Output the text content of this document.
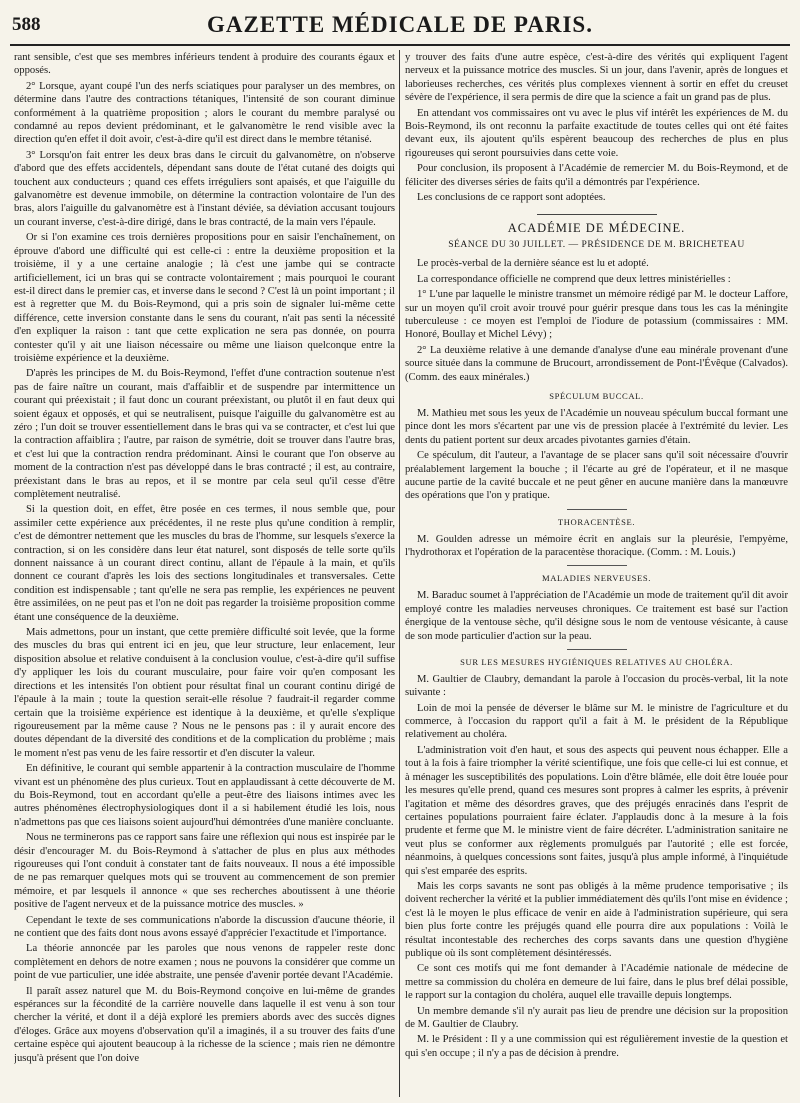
588	GAZETTE MÉDICALE DE PARIS.

rant sensible, c'est que ses membres inférieurs tendent à produire des courants égaux et opposés.

2° Lorsque, ayant coupé l'un des nerfs sciatiques pour paralyser un des membres, on détermine dans l'autre des contractions tétaniques, l'intensité de son courant diminue conformément à la quatrième proposition ; alors le courant du membre paralysé ou condamné au repos devient prédominant, et le galvanomètre le rend visible avec la direction qu'en effet il doit avoir, c'est-à-dire qu'il est direct dans le membre tétanisé.

3° Lorsqu'on fait entrer les deux bras dans le circuit du galvanomètre, on n'observe d'abord que des effets accidentels, dépendant sans doute de l'état cutané des doigts qui touchent aux conducteurs ; quand ces effets irréguliers sont apaisés, et que l'aiguille du galvanomètre est devenue immobile, on détermine la contraction volontaire de l'un des bras, alors l'aiguille du galvanomètre est à l'instant déviée, sa déviation accusant toujours un courant inverse, c'est-à-dire dirigé, dans le bras contracté, de la main vers l'épaule.

Or si l'on examine ces trois dernières propositions pour en saisir l'enchaînement, on éprouve d'abord une difficulté qui est celle-ci : entre la deuxième proposition et la troisième, il y a une certaine analogie ; là c'est une jambe qui se contracte artificiellement, ici un bras qui se contracte volontairement ; mais pourquoi le courant est-il direct dans le premier cas, et inverse dans le second ? C'est là un point important ; il est à regretter que M. du Bois-Reymond, qui a pris soin de signaler lui-même cette différence, cette inversion constante dans le sens du courant, n'ait pas senti la nécessité d'en expliquer la raison : tant que cette explication ne sera pas donnée, on pourra contester qu'il y ait une liaison nécessaire ou même une liaison quelconque entre la troisième expérience et la deuxième.

D'après les principes de M. du Bois-Reymond, l'effet d'une contraction soutenue n'est pas de faire naître un courant, mais d'affaiblir et de suspendre par intermittence un courant qui préexistait ; il faut donc un courant préexistant, ou plutôt il en faut deux qui soient égaux et opposés, et qui se neutralisent, puisque l'aiguille du galvanomètre est au zéro ; l'un doit se trouver essentiellement dans le bras qui va se contracter, et c'est lui que la contraction affaiblira ; l'autre, par raison de symétrie, doit se trouver dans l'autre bras, et c'est lui que la contraction rendra prédominant. Ainsi le courant que l'on observe au moment de la contraction n'est pas développé dans le bras contracté ; il est, au contraire, préexistant dans le bras au repos, et il se montre par cela seul qu'il cesse d'être complètement neutralisé.

Si la question doit, en effet, être posée en ces termes, il nous semble que, pour assimiler cette expérience aux précédentes, il ne reste plus qu'une condition à remplir, c'est de démontrer nettement que les muscles du bras de l'homme, sur lesquels s'exerce la contraction, si on les considère dans leur état naturel, sont disposés de telle sorte qu'ils donnent naissance à un courant direct continu, allant de l'épaule à la main, et qu'ils donnent ce courant d'après les lois des sections longitudinales et transversales. Cette condition est indispensable ; tant qu'elle ne sera pas remplie, les expériences ne peuvent être assimilées, on ne peut pas et l'on ne doit pas regarder la troisième proposition comme étant une conséquence de la deuxième.

Mais admettons, pour un instant, que cette première difficulté soit levée, que la forme des muscles du bras qui entrent ici en jeu, que leur structure, leur enlacement, leur disposition absolue et relative conduisent à la conclusion voulue, c'est-à-dire qu'il suffise d'y appliquer les lois du courant musculaire, pour faire voir qu'en composant les directions et les intensités l'on obtient pour résultat final un courant continu dirigé de l'épaule à la main ; toute la question serait-elle résolue ? faudrait-il regarder comme certain que la troisième expérience est identique à la deuxième, et qu'elle s'explique rigoureusement par la même cause ? Nous ne le pensons pas : il y aurait encore des doutes dépendant de la diversité des conditions et de la complication du problème ; mais le moment n'est pas venu de les faire ressortir et d'en discuter la valeur.

En définitive, le courant qui semble appartenir à la contraction musculaire de l'homme vivant est un phénomène des plus curieux. Tout en applaudissant à cette découverte de M. du Bois-Reymond, tout en accordant qu'elle a peut-être des liaisons intimes avec les autres phénomènes électrophysiologiques dont il a si habilement étudié les lois, nous n'admettons pas que ces liaisons soient aujourd'hui démontrées d'une manière concluante.

Nous ne terminerons pas ce rapport sans faire une réflexion qui nous est inspirée par le désir d'encourager M. du Bois-Reymond à s'attacher de plus en plus aux méthodes rigoureuses qui l'ont conduit à constater tant de faits nouveaux. Il nous a été impossible de ne pas remarquer quelques mots qui se trouvent au commencement de son premier mémoire, et par lesquels il annonce « que ses recherches aboutissent à une théorie positive de l'agent nerveux et de la puissance motrice des muscles. »

Cependant le texte de ses communications n'aborde la discussion d'aucune théorie, il ne contient que des faits dont nous avons essayé d'apprécier l'exactitude et l'importance.

La théorie annoncée par les paroles que nous venons de rappeler reste donc complètement en dehors de notre examen ; nous ne pouvons la considérer que comme un point de vue particulier, une idée abstraite, une pensée d'avenir portée devant l'Académie.

Il paraît assez naturel que M. du Bois-Reymond conçoive en lui-même de grandes espérances sur la fécondité de la carrière nouvelle dans laquelle il est venu à son tour chercher la vérité, et dont il a déjà exploré les premiers abords avec des succès dignes d'éloges. Grâce aux moyens d'observation qu'il a imaginés, il a su trouver des faits d'une certaine espèce qui ajoutent beaucoup à la richesse de la science ; mais rien ne démontre jusqu'à présent que l'on doive

y trouver des faits d'une autre espèce, c'est-à-dire des vérités qui expliquent l'agent nerveux et la puissance motrice des muscles. Si un jour, dans l'avenir, après de longues et laborieuses recherches, ces vérités plus complexes viennent à sortir en effet du creuset sévère de l'expérience, il sera permis de dire que la science a fait un grand pas de plus.

En attendant vos commissaires ont vu avec le plus vif intérêt les expériences de M. du Bois-Reymond, ils ont reconnu la parfaite exactitude de toutes celles qui ont été faites devant eux, ils ajoutent qu'ils espèrent beaucoup des recherches de plus en plus rigoureuses qui seront poursuivies dans cette voie.

Pour conclusion, ils proposent à l'Académie de remercier M. du Bois-Reymond, et de féliciter des diverses séries de faits qu'il a démontrés par l'expérience.

Les conclusions de ce rapport sont adoptées.

ACADÉMIE DE MÉDECINE.
SÉANCE DU 30 JUILLET. — PRÉSIDENCE DE M. BRICHETEAU

Le procès-verbal de la dernière séance est lu et adopté.

La correspondance officielle ne comprend que deux lettres ministérielles :

1° L'une par laquelle le ministre transmet un mémoire rédigé par M. le docteur Laffore, sur un moyen qu'il croit avoir trouvé pour guérir presque dans tous les cas la méningite tuberculeuse : ce moyen est l'emploi de l'iodure de potassium (commissaires : MM. Honoré, Boullay et Michel Lévy) ;

2° La deuxième relative à une demande d'analyse d'une eau minérale provenant d'une source située dans la commune de Brucourt, arrondissement de Pont-l'Évêque (Calvados). (Comm. des eaux minérales.)

SPÉCULUM BUCCAL.

M. Mathieu met sous les yeux de l'Académie un nouveau spéculum buccal formant une pince dont les mors s'écartent par une vis de pression placée à l'extrémité du levier. Les dents du patient portent sur deux arcades pivotantes garnies d'étain.

Ce spéculum, dit l'auteur, a l'avantage de se placer sans qu'il soit nécessaire d'ouvrir préalablement largement la bouche ; il l'écarte au gré de l'opérateur, et il ne masque aucune partie de la cavité buccale et ne peut gêner en aucune manière dans la manœuvre des opérations que l'on y pratique.

THORACENTÈSE.

M. Goulden adresse un mémoire écrit en anglais sur la pleurésie, l'empyème, l'hydrothorax et l'opération de la paracentèse thoracique. (Comm. : M. Louis.)

MALADIES NERVEUSES.

M. Baraduc soumet à l'appréciation de l'Académie un mode de traitement qu'il dit avoir employé contre les maladies nerveuses chroniques. Ce traitement est basé sur l'action énergique de la ventouse sèche, qu'il désigne sous le nom de ventouse vésicante, à cause de son mode particulier d'action sur la peau.

SUR LES MESURES HYGIÉNIQUES RELATIVES AU CHOLÉRA.

M. Gaultier de Claubry, demandant la parole à l'occasion du procès-verbal, lit la note suivante :

Loin de moi la pensée de déverser le blâme sur M. le ministre de l'agriculture et du commerce, à l'occasion du rapport qu'il a fait à M. le président de la République relativement au choléra.

L'administration voit d'en haut, et sous des aspects qui peuvent nous échapper. Elle a tout à la fois à faire triompher la vérité scientifique, une fois que celle-ci lui est connue, et à ménager les susceptibilités des populations. Loin d'être blâmée, elle doit être louée pour les mesures qu'elle prend, quand ces mesures sont propres à calmer les esprits, à prévenir l'agitation et même des désordres graves, que des préjugés enracinés dans l'esprit de certaines populations pourraient faire éclater. J'applaudis donc à la mesure à la fois prudente et ferme que M. le ministre vient de faire décréter. L'administration sanitaire ne veut plus se conformer aux règlements promulgués par l'autorité ; elle est forcée, néanmoins, à quelques concessions sont faites, jusqu'à plus ample informé, à l'inquiétude qui s'est emparée des esprits.

Mais les corps savants ne sont pas obligés à la même prudence temporisative ; ils doivent rechercher la vérité et la publier immédiatement dès qu'ils l'ont mise en évidence ; c'est là le moyen le plus efficace de venir en aide à l'administration supérieure, qui sera bien plus forte contre les préjugés quand elle pourra dire aux populations : Voilà le résultat incontestable des recherches des corps savants dans une question d'hygiène publique où ils sont complètement désintéressés.

Ce sont ces motifs qui me font demander à l'Académie nationale de médecine de mettre sa commission du choléra en demeure de lui faire, dans le plus bref délai possible, le rapport sur la contagion du choléra, auquel elle travaille depuis longtemps.

Un membre demande s'il n'y aurait pas lieu de prendre une décision sur la proposition de M. Gaultier de Claubry.

M. le Président : Il y a une commission qui est régulièrement investie de la question et qui s'en occupe ; il n'y a pas de décision à prendre.
